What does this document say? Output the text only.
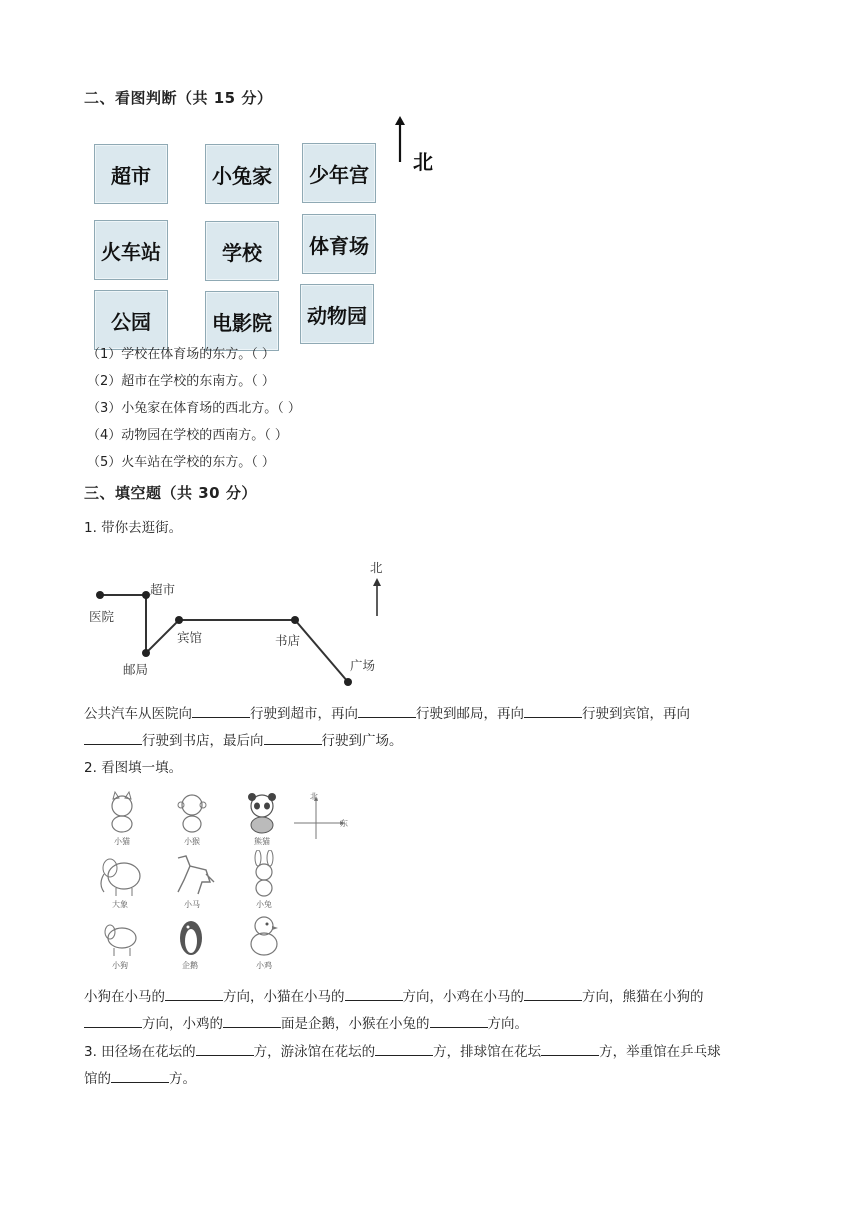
二、看图判断（共 15 分）
超市	小兔家	少年宫
火车站	学校	体育场
公园	电影院	动物园
北
（1）学校在体育场的东方。（ ）
（2）超市在学校的东南方。（ ）
（3）小兔家在体育场的西北方。（ ）
（4）动物园在学校的西南方。（ ）
（5）火车站在学校的东方。（ ）
三、填空题（共 30 分）
1. 带你去逛街。
医院
超市
邮局
宾馆	书店
广场
北
公共汽车从医院向	行驶到超市，再向	行驶到邮局，再向	行驶到宾馆，再向
行驶到书店，最后向	行驶到广场。
2. 看图填一填。
小猫	小猴	熊猫
北
东
大象	小马	小兔
小狗	企鹅	小鸡
小狗在小马的	方向，小猫在小马的	方向，小鸡在小马的	方向，熊猫在小狗的
方向，小鸡的	面是企鹅，小猴在小兔的	方向。
3. 田径场在花坛的	方，游泳馆在花坛的	方，排球馆在花坛	方，举重馆在乒乓球
馆的	方。
